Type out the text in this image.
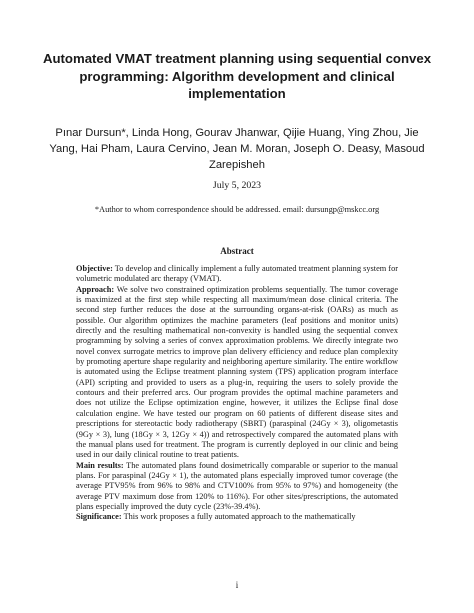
Automated VMAT treatment planning using sequential convex programming: Algorithm development and clinical implementation
Pınar Dursun*, Linda Hong, Gourav Jhanwar, Qijie Huang, Ying Zhou, Jie Yang, Hai Pham, Laura Cervino, Jean M. Moran, Joseph O. Deasy, Masoud Zarepisheh
July 5, 2023
*Author to whom correspondence should be addressed. email: dursungp@mskcc.org
Abstract

Objective: To develop and clinically implement a fully automated treatment planning system for volumetric modulated arc therapy (VMAT).

Approach: We solve two constrained optimization problems sequentially. The tumor coverage is maximized at the first step while respecting all maximum/mean dose clinical criteria. The second step further reduces the dose at the surrounding organs-at-risk (OARs) as much as possible. Our algorithm optimizes the machine parameters (leaf positions and monitor units) directly and the resulting mathematical non-convexity is handled using the sequential convex programming by solving a series of convex approximation problems. We directly integrate two novel convex surrogate metrics to improve plan delivery efficiency and reduce plan complexity by promoting aperture shape regularity and neighboring aperture similarity. The entire workflow is automated using the Eclipse treatment planning system (TPS) application program interface (API) scripting and provided to users as a plug-in, requiring the users to solely provide the contours and their preferred arcs. Our program provides the optimal machine parameters and does not utilize the Eclipse optimization engine, however, it utilizes the Eclipse final dose calculation engine. We have tested our program on 60 patients of different disease sites and prescriptions for stereotactic body radiotherapy (SBRT) (paraspinal (24Gy × 3), oligometastis (9Gy × 3), lung (18Gy × 3, 12Gy × 4)) and retrospectively compared the automated plans with the manual plans used for treatment. The program is currently deployed in our clinic and being used in our daily clinical routine to treat patients.

Main results: The automated plans found dosimetrically comparable or superior to the manual plans. For paraspinal (24Gy × 1), the automated plans especially improved tumor coverage (the average PTV95% from 96% to 98% and CTV100% from 95% to 97%) and homogeneity (the average PTV maximum dose from 120% to 116%). For other sites/prescriptions, the automated plans especially improved the duty cycle (23%-39.4%).

Significance: This work proposes a fully automated approach to the mathematically

i
